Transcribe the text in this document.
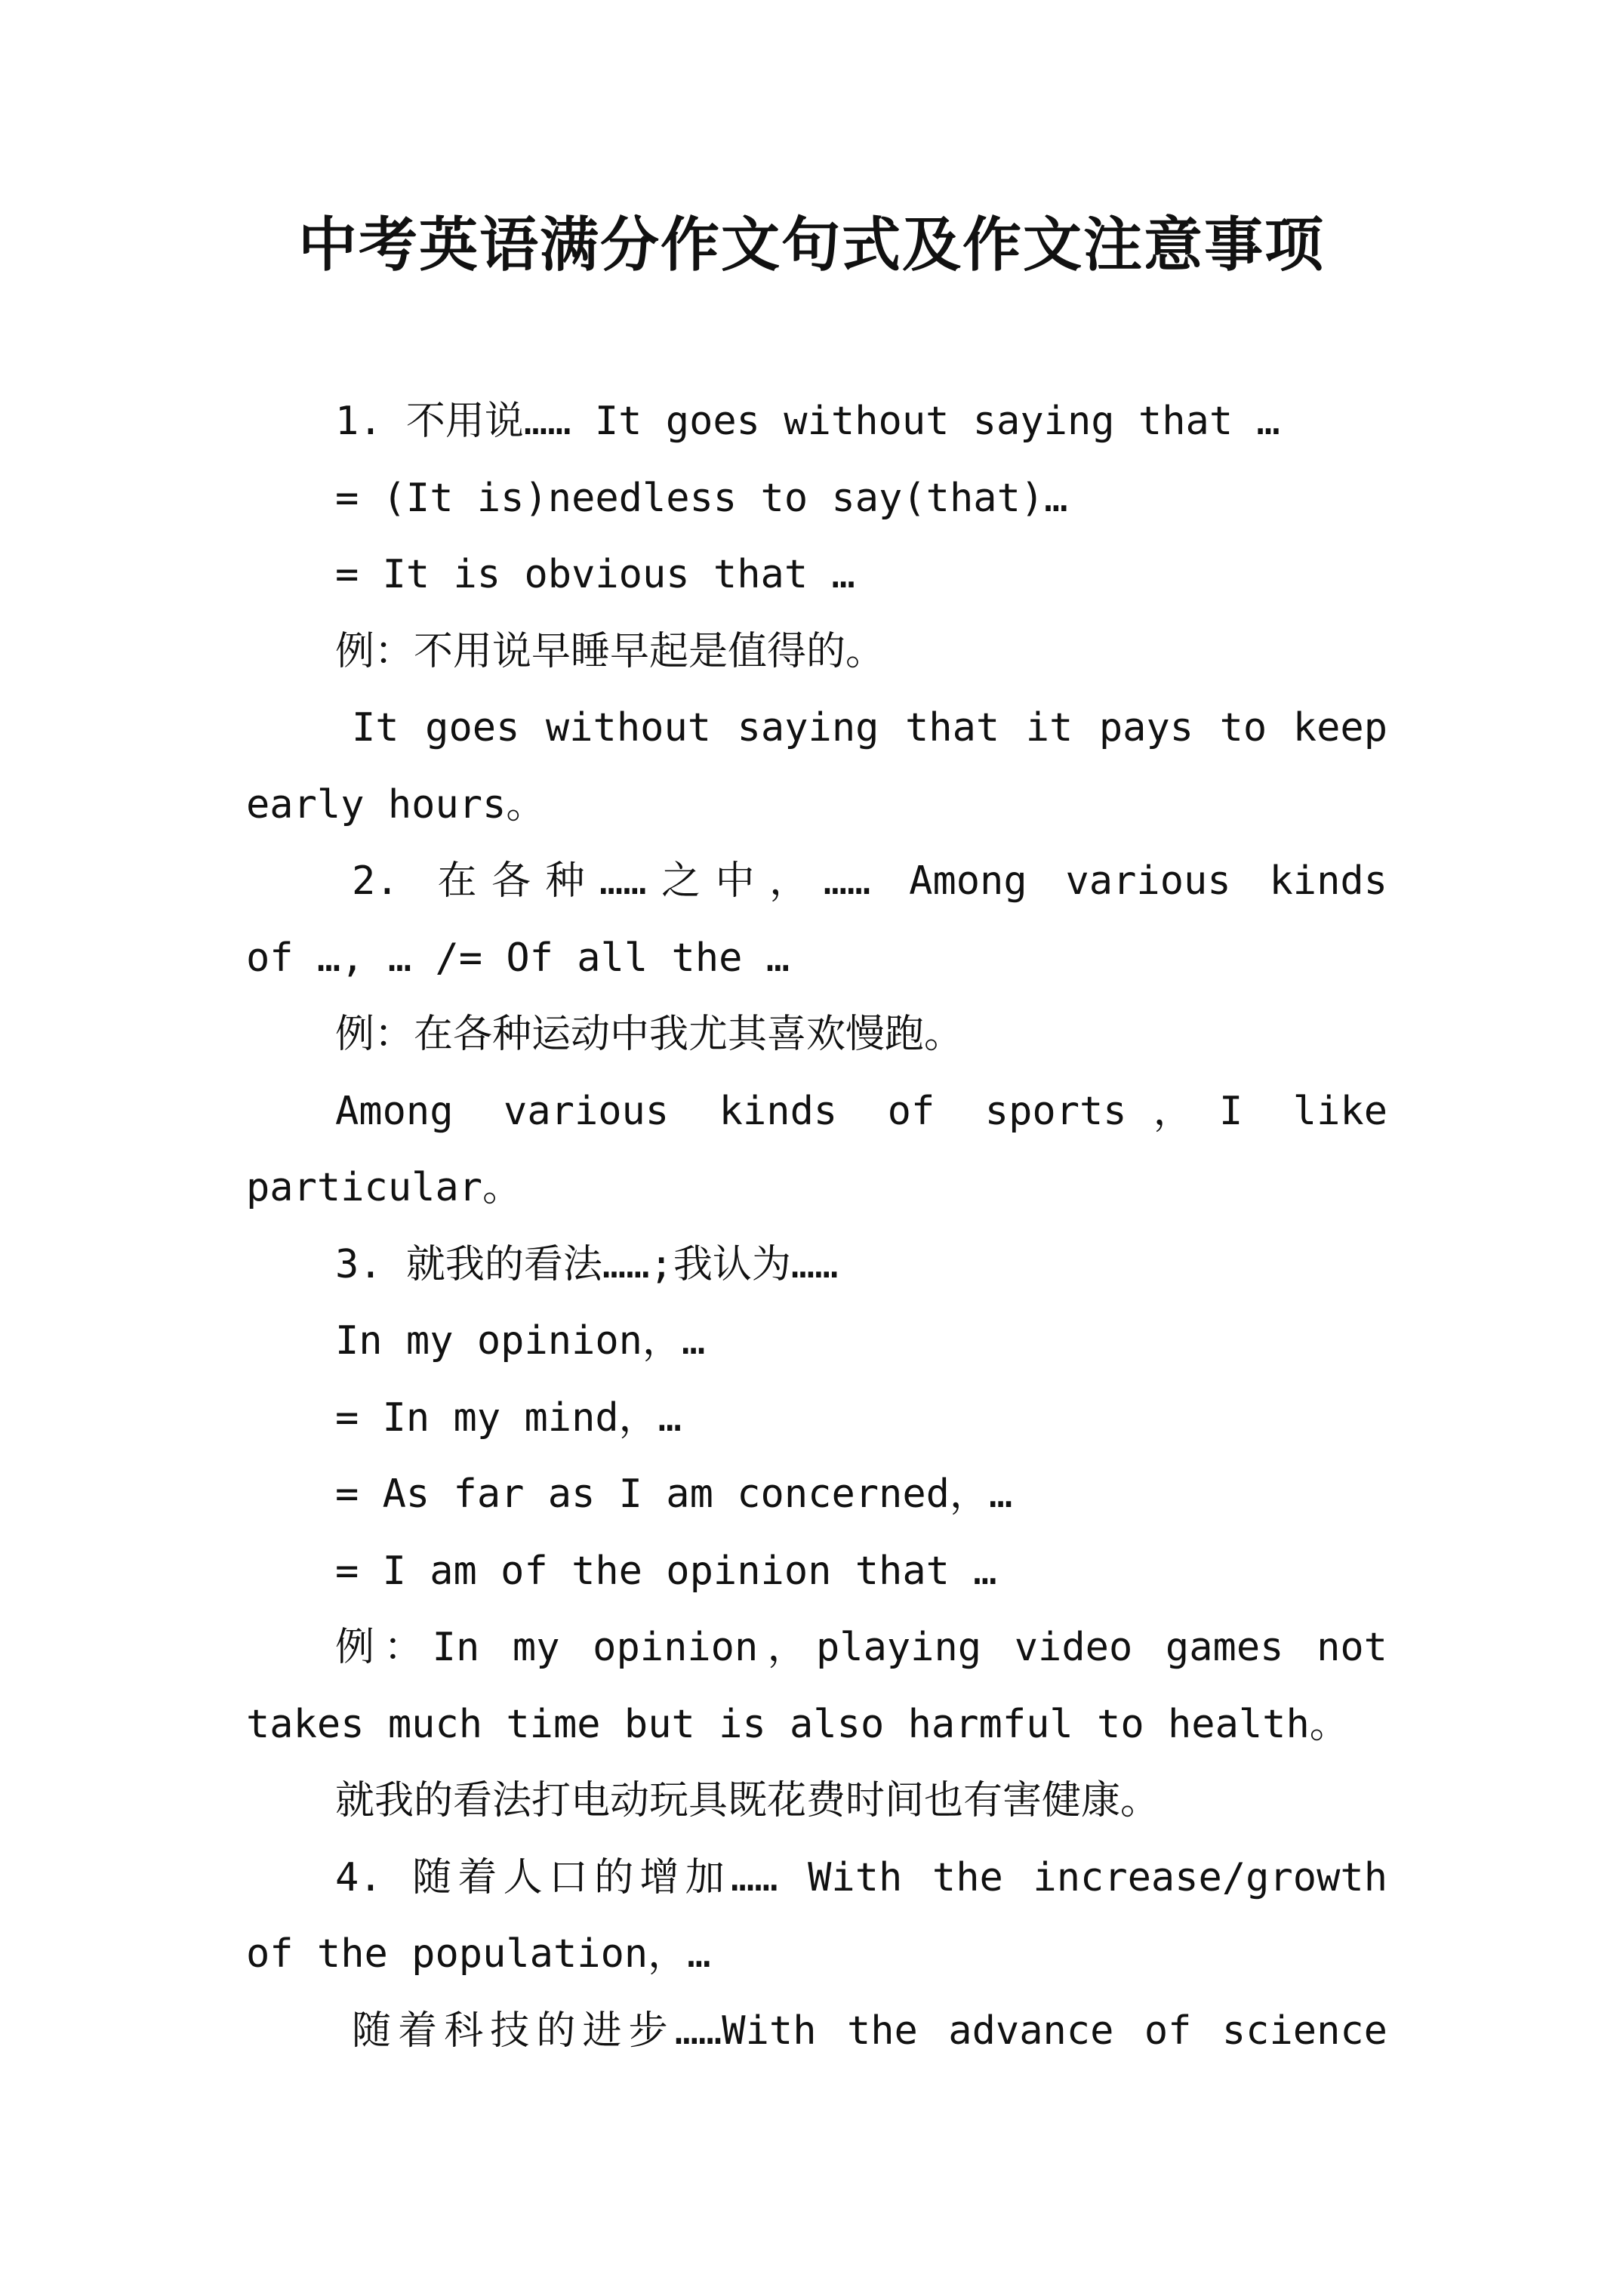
中考英语满分作文句式及作文注意事项
1. 不用说…… It goes without saying that …
= (It is)needless to say(that)…
= It is obvious that …
例：不用说早睡早起是值得的。
It goes without saying that it pays to keep
early hours。
2. 在各种……之中，…… Among various kinds
of …, … /= Of all the …
例：在各种运动中我尤其喜欢慢跑。
Among various kinds of sports，I like
particular。
3. 就我的看法……;我认为……
In my opinion，…
= In my mind，…
= As far as I am concerned，…
= I am of the opinion that …
例：In my opinion，playing video games not
takes much time but is also harmful to health。
就我的看法打电动玩具既花费时间也有害健康。
4. 随着人口的增加…… With the increase/growth
of the population，…
随着科技的进步……With the advance of science
